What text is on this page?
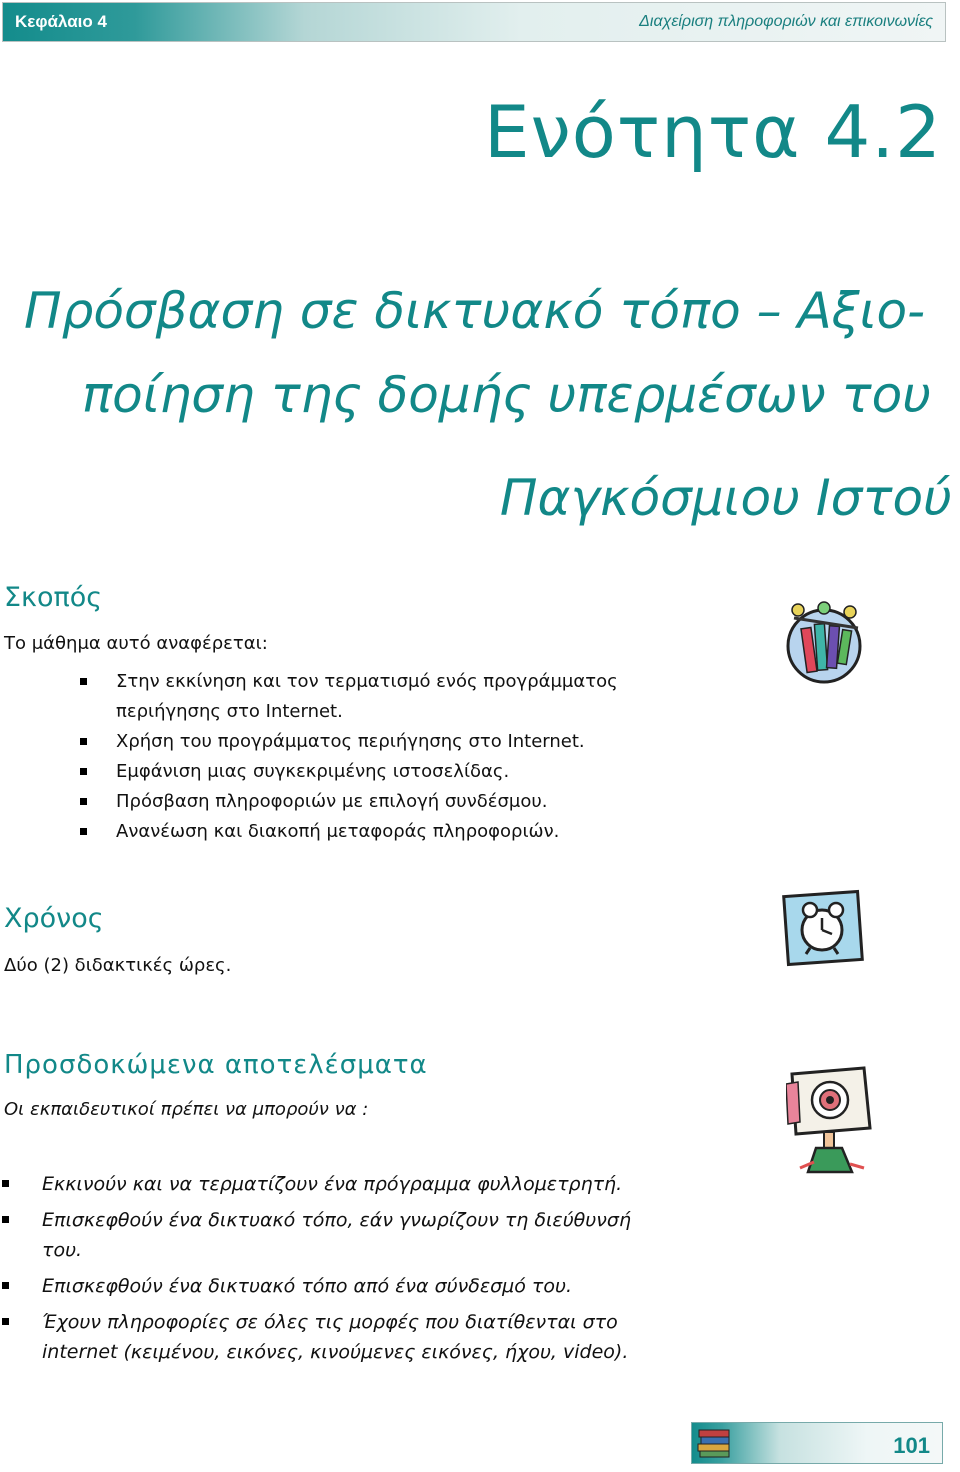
Κεφάλαιο 4	Διαχείριση πληροφοριών και επικοινωνίες
Ενότητα 4.2
Πρόσβαση σε δικτυακό τόπο – Αξιο-
ποίηση της δομής υπερμέσων του
Παγκόσμιου Ιστού
Σκοπός
Το μάθημα αυτό αναφέρεται:
Στην εκκίνηση και τον τερματισμό ενός προγράμματος
περιήγησης στο Internet.
Χρήση του προγράμματος περιήγησης στο Internet.
Εμφάνιση μιας συγκεκριμένης ιστοσελίδας.
Πρόσβαση πληροφοριών με επιλογή συνδέσμου.
Ανανέωση και διακοπή μεταφοράς πληροφοριών.
Χρόνος
Δύο (2) διδακτικές ώρες.
Προσδοκώμενα αποτελέσματα
Οι εκπαιδευτικοί πρέπει να μπορούν να :
Εκκινούν και να τερματίζουν ένα πρόγραμμα φυλλομετρητή.
Επισκεφθούν ένα δικτυακό τόπο, εάν γνωρίζουν τη διεύθυνσή
του.
Επισκεφθούν ένα δικτυακό τόπο από ένα σύνδεσμό του.
Έχουν πληροφορίες σε όλες τις μορφές που διατίθενται στο
internet (κειμένου, εικόνες, κινούμενες εικόνες, ήχου, video).
101
